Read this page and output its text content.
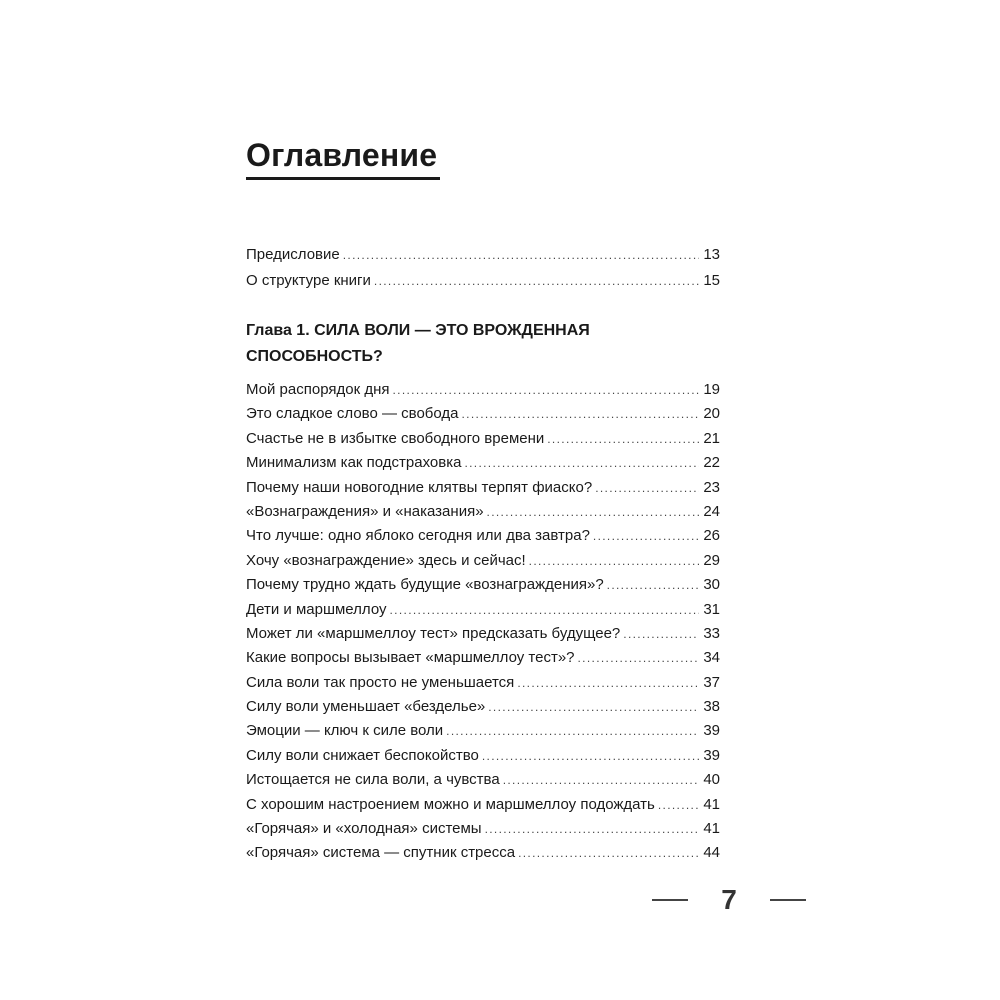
Оглавление
Предисловие . . .	13
О структуре книги . . .	15
Глава 1. СИЛА ВОЛИ — ЭТО ВРОЖДЕННАЯ
СПОСОБНОСТЬ?
Мой распорядок дня . . .	19
Это сладкое слово — свобода . . .	20
Счастье не в избытке свободного времени . . .	21
Минимализм как подстраховка . . .	22
Почему наши новогодние клятвы терпят фиаско? . . .	23
«Вознаграждения» и «наказания» . . .	24
Что лучше: одно яблоко сегодня или два завтра? . . .	26
Хочу «вознаграждение» здесь и сейчас! . . .	29
Почему трудно ждать будущие «вознаграждения»? . . .	30
Дети и маршмеллоу . . .	31
Может ли «маршмеллоу тест» предсказать будущее? . . .	33
Какие вопросы вызывает «маршмеллоу тест»? . . .	34
Сила воли так просто не уменьшается . . .	37
Силу воли уменьшает «безделье» . . .	38
Эмоции — ключ к силе воли . . .	39
Силу воли снижает беспокойство . . .	39
Истощается не сила воли, а чувства . . .	40
С хорошим настроением можно и маршмеллоу подождать . . .	41
«Горячая» и «холодная» системы . . .	41
«Горячая» система — спутник стресса . . .	44
7
